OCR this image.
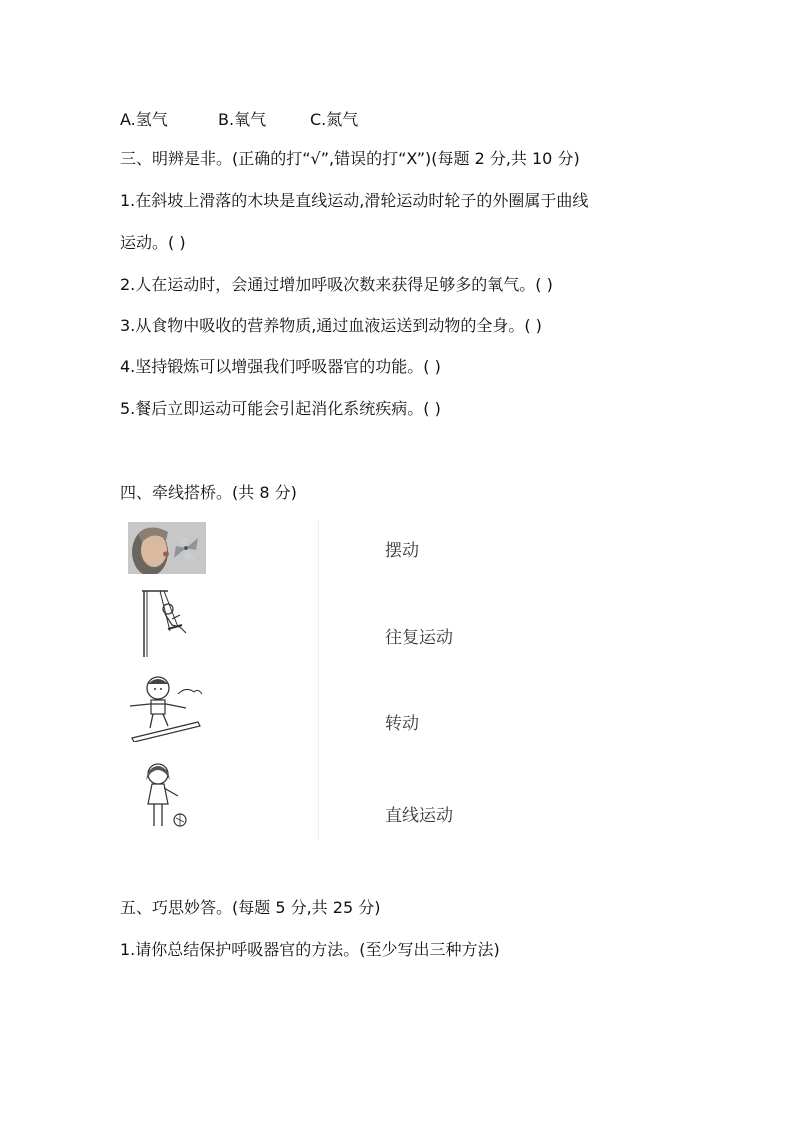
A.氢气	B.氧气	C.氮气
三、明辨是非。(正确的打“√”,错误的打“X”)(每题 2 分,共 10 分)
1.在斜坡上滑落的木块是直线运动,滑轮运动时轮子的外圈属于曲线
运动。( )
2.人在运动时，会通过增加呼吸次数来获得足够多的氧气。( )
3.从食物中吸收的营养物质,通过血液运送到动物的全身。( )
4.坚持锻炼可以增强我们呼吸器官的功能。( )
5.餐后立即运动可能会引起消化系统疾病。( )
四、牵线搭桥。(共 8 分)
摆动
往复运动
转动
直线运动
五、巧思妙答。(每题 5 分,共 25 分)
1.请你总结保护呼吸器官的方法。(至少写出三种方法)
